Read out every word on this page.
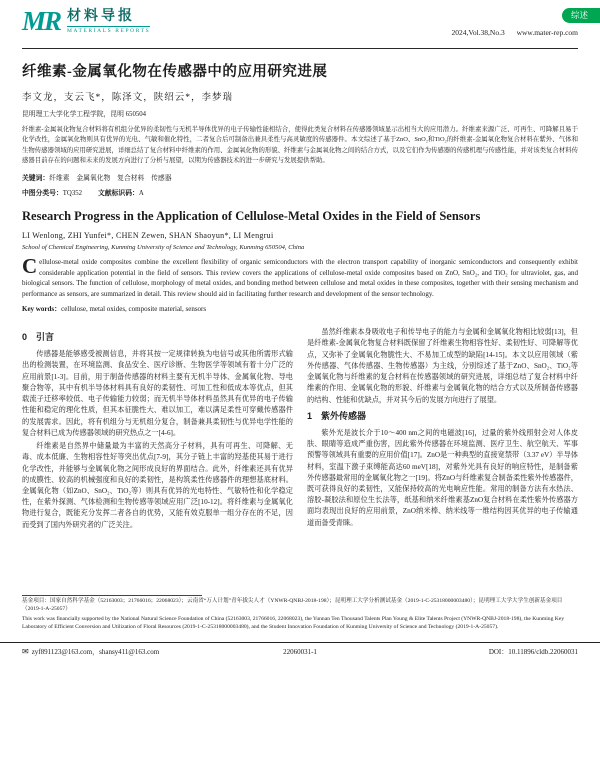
MR 材料导报
MATERIALS REPORTS
综述
2024,Vol.38,No.3 www.mater-rep.com
纤维素-金属氧化物在传感器中的应用研究进展
李文龙，支云飞*，陈泽文，陕绍云*，李梦瑞
昆明理工大学化学工程学院，昆明 650504
纤维素-金属氧化物复合材料将有机组分优异的柔韧性与无机半导体优异的电子传输性能相结合，使得此类复合材料在传感器领域显示出相当大的应用潜力。纤维素来源广泛、可再生、可降解且易于化学改性，金属氧化物则具有优异的光电、气敏和催化特性，二者复合后可制备出兼具柔性与高灵敏度的传感器件。本文综述了基于ZnO、SnO₂和TiO₂的纤维素-金属氧化物复合材料在紫外、气体和生物传感器领域的应用研究进展，详细总结了复合材料中纤维素的作用、金属氧化物的形貌、纤维素与金属氧化物之间的结合方式，以及它们作为传感器的传感机理与传感性能，并对该类复合材料传感器目前存在的问题和未来的发展方向进行了分析与展望，以期为传感器技术的进一步研究与发展提供帮助。
关键词：纤维素　金属氧化物　复合材料　传感器
中图分类号：TQ352 文献标识码：A
Research Progress in the Application of Cellulose-Metal Oxides in the Field of Sensors
LI Wenlong, ZHI Yunfei*, CHEN Zewen, SHAN Shaoyun*, LI Mengrui
School of Chemical Engineering, Kunming University of Science and Technology, Kunming 650504, China
Cellulose-metal oxide composites combine the excellent flexibility of organic semiconductors with the electron transport capability of inorganic semiconductors and consequently exhibit considerable application potential in the field of sensors. This review covers the applications of cellulose-metal oxide composites based on ZnO, SnO₂, and TiO₂ for ultraviolet, gas, and biological sensors. The function of cellulose, morphology of metal oxides, and bonding method between cellulose and metal oxides in these composites, together with their sensing mechanism and performance as sensors, are summarized in detail. This review should aid in facilitating further research and development of the sensor technology.
Key words：cellulose, metal oxides, composite material, sensors
0　引言

传感器是能够感受被测信息，并将其按一定规律转换为电信号或其他所需形式输出的检测装置，在环境监测、食品安全、医疗诊断、生物医学等领域有着十分广泛的应用前景[1-3]。目前，用于制备传感器的材料主要有无机半导体、金属氧化物、导电聚合物等，其中有机半导体材料具有良好的柔韧性、可加工性和低成本等优点，但其载流子迁移率较低、电子传输能力较弱；而无机半导体材料虽然具有优异的电子传输性能和稳定的理化性质，但其本征脆性大、难以加工，难以满足柔性可穿戴传感器件的发展需求。因此，将有机组分与无机组分复合，制备兼具柔韧性与优异电学性能的复合材料已成为传感器领域的研究热点之一[4-6]。

纤维素是自然界中储量最为丰富的天然高分子材料，具有可再生、可降解、无毒、成本低廉、生物相容性好等突出优点[7-9]，其分子链上丰富的羟基使其易于进行化学改性，并能够与金属氧化物之间形成良好的界面结合。此外，纤维素还具有优异的成膜性、较高的机械强度和良好的柔韧性，是构筑柔性传感器件的理想基底材料。金属氧化物（如ZnO、SnO₂、TiO₂等）则具有优异的光电特性、气敏特性和化学稳定性，在紫外探测、气体检测和生物传感等领域应用广泛[10-12]。将纤维素与金属氧化物进行复合，既能充分发挥二者各自的优势，又能有效克服单一组分存在的不足，因而受到了国内外研究者的广泛关注。

虽然纤维素本身吸收电子和传导电子的能力与金属和金属氧化物相比较弱[13]，但是纤维素-金属氧化物复合材料既保留了纤维素生物相容性好、柔韧性好、可降解等优点，又弥补了金属氧化物脆性大、不易加工成型的缺陷[14-15]。本文以应用领域（紫外传感器、气体传感器、生物传感器）为主线，分别综述了基于ZnO、SnO₂、TiO₂等金属氧化物与纤维素的复合材料在传感器领域的研究进展，详细总结了复合材料中纤维素的作用、金属氧化物的形貌、纤维素与金属氧化物的结合方式以及所制备传感器的结构、性能和优缺点，并对其今后的发展方向进行了展望。

1　紫外传感器

紫外光是波长介于10～400 nm之间的电磁波[16]，过量的紫外线照射会对人体皮肤、眼睛等造成严重伤害，因此紫外传感器在环境监测、医疗卫生、航空航天、军事预警等领域具有重要的应用价值[17]。ZnO是一种典型的直接宽禁带（3.37 eV）半导体材料，室温下激子束缚能高达60 meV[18]，对紫外光具有良好的响应特性，是制备紫外传感器最常用的金属氧化物之一[19]。将ZnO与纤维素复合制备柔性紫外传感器件，既可获得良好的柔韧性，又能保持较高的光电响应性能。常用的制备方法有水热法、溶胶-凝胶法和原位生长法等，纸基和纳米纤维素基ZnO复合材料在柔性紫外传感器方面均表现出良好的应用前景，ZnO纳米棒、纳米线等一维结构因其优异的电子传输通道而备受青睐。

基金项目：国家自然科学基金（52163003；21766016；22068023）；云南省“万人计划”青年拔尖人才（YNWR-QNBJ-2018-198）；昆明理工大学分析测试基金（2019-1-C-25318000003480）；昆明理工大学大学生创新基金项目（2019-1-A-25057）
This work was financially supported by the National Natural Science Foundation of China (52163003, 21766016, 22068023), the Yunnan Ten Thousand Talents Plan Young & Elite Talents Project (YNWR-QNBJ-2018-198), the Kunming Key Laboratory of Efficient Conversion and Utilization of Floral Resources (2019-1-C-25318000003480), and the Student Innovation Foundation of Kunming University of Science and Technology (2019-1-A-25057).
✉ zyf891123@163.com，shansy411@163.com	22060031-1	DOI：10.11896/cldb.22060031
